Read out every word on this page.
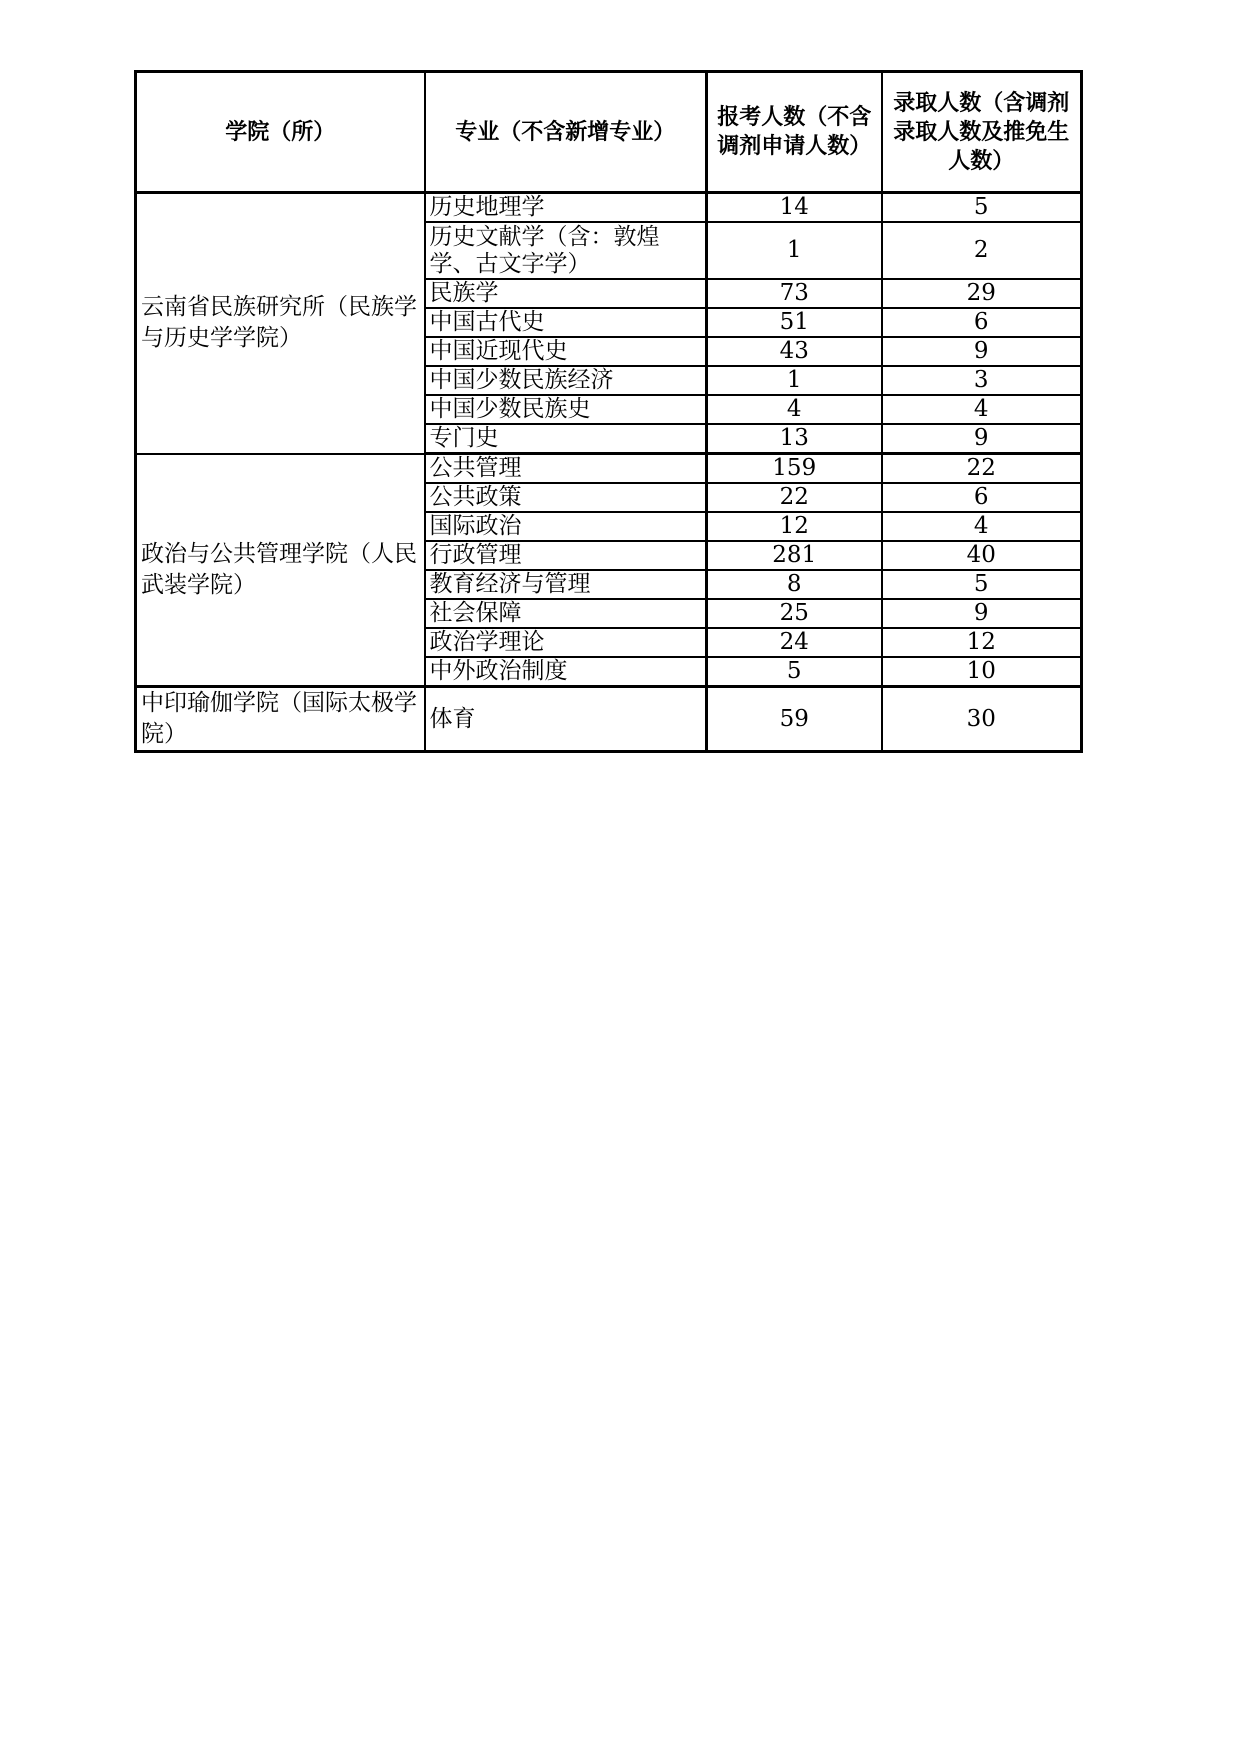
学院（所）	专业（不含新增专业）	报考人数（不含调剂申请人数）	录取人数（含调剂录取人数及推免生人数）
云南省民族研究所（民族学与历史学学院）	历史地理学	14	5
	历史文献学（含：敦煌学、古文字学）	1	2
	民族学	73	29
	中国古代史	51	6
	中国近现代史	43	9
	中国少数民族经济	1	3
	中国少数民族史	4	4
	专门史	13	9
政治与公共管理学院（人民武装学院）	公共管理	159	22
	公共政策	22	6
	国际政治	12	4
	行政管理	281	40
	教育经济与管理	8	5
	社会保障	25	9
	政治学理论	24	12
	中外政治制度	5	10
中印瑜伽学院（国际太极学院）	体育	59	30
